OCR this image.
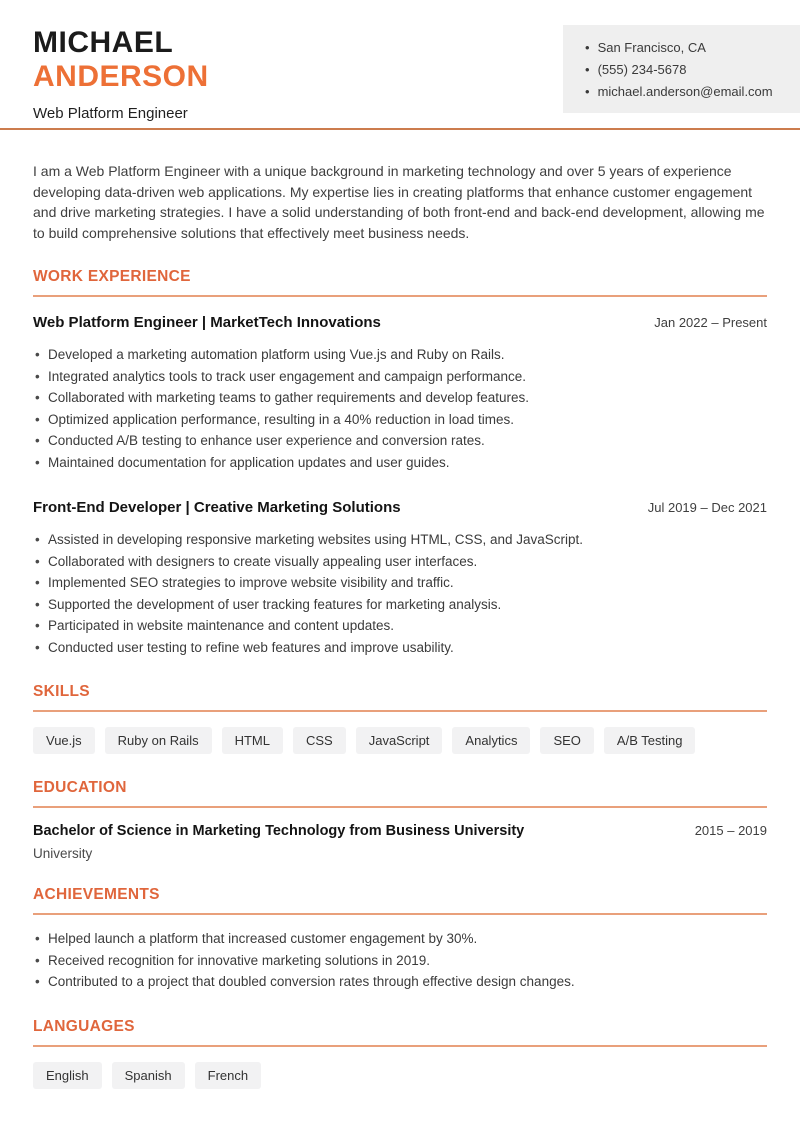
MICHAEL
ANDERSON
Web Platform Engineer
• San Francisco, CA
• (555) 234-5678
• michael.anderson@email.com

I am a Web Platform Engineer with a unique background in marketing technology and over 5 years of experience developing data-driven web applications. My expertise lies in creating platforms that enhance customer engagement and drive marketing strategies. I have a solid understanding of both front-end and back-end development, allowing me to build comprehensive solutions that effectively meet business needs.

WORK EXPERIENCE
Web Platform Engineer | MarketTech Innovations	Jan 2022 – Present
• Developed a marketing automation platform using Vue.js and Ruby on Rails.
• Integrated analytics tools to track user engagement and campaign performance.
• Collaborated with marketing teams to gather requirements and develop features.
• Optimized application performance, resulting in a 40% reduction in load times.
• Conducted A/B testing to enhance user experience and conversion rates.
• Maintained documentation for application updates and user guides.
Front-End Developer | Creative Marketing Solutions	Jul 2019 – Dec 2021
• Assisted in developing responsive marketing websites using HTML, CSS, and JavaScript.
• Collaborated with designers to create visually appealing user interfaces.
• Implemented SEO strategies to improve website visibility and traffic.
• Supported the development of user tracking features for marketing analysis.
• Participated in website maintenance and content updates.
• Conducted user testing to refine web features and improve usability.
SKILLS
Vue.js	Ruby on Rails	HTML	CSS	JavaScript	Analytics	SEO	A/B Testing
EDUCATION
Bachelor of Science in Marketing Technology from Business University	2015 – 2019
University
ACHIEVEMENTS
• Helped launch a platform that increased customer engagement by 30%.
• Received recognition for innovative marketing solutions in 2019.
• Contributed to a project that doubled conversion rates through effective design changes.
LANGUAGES
English	Spanish	French
